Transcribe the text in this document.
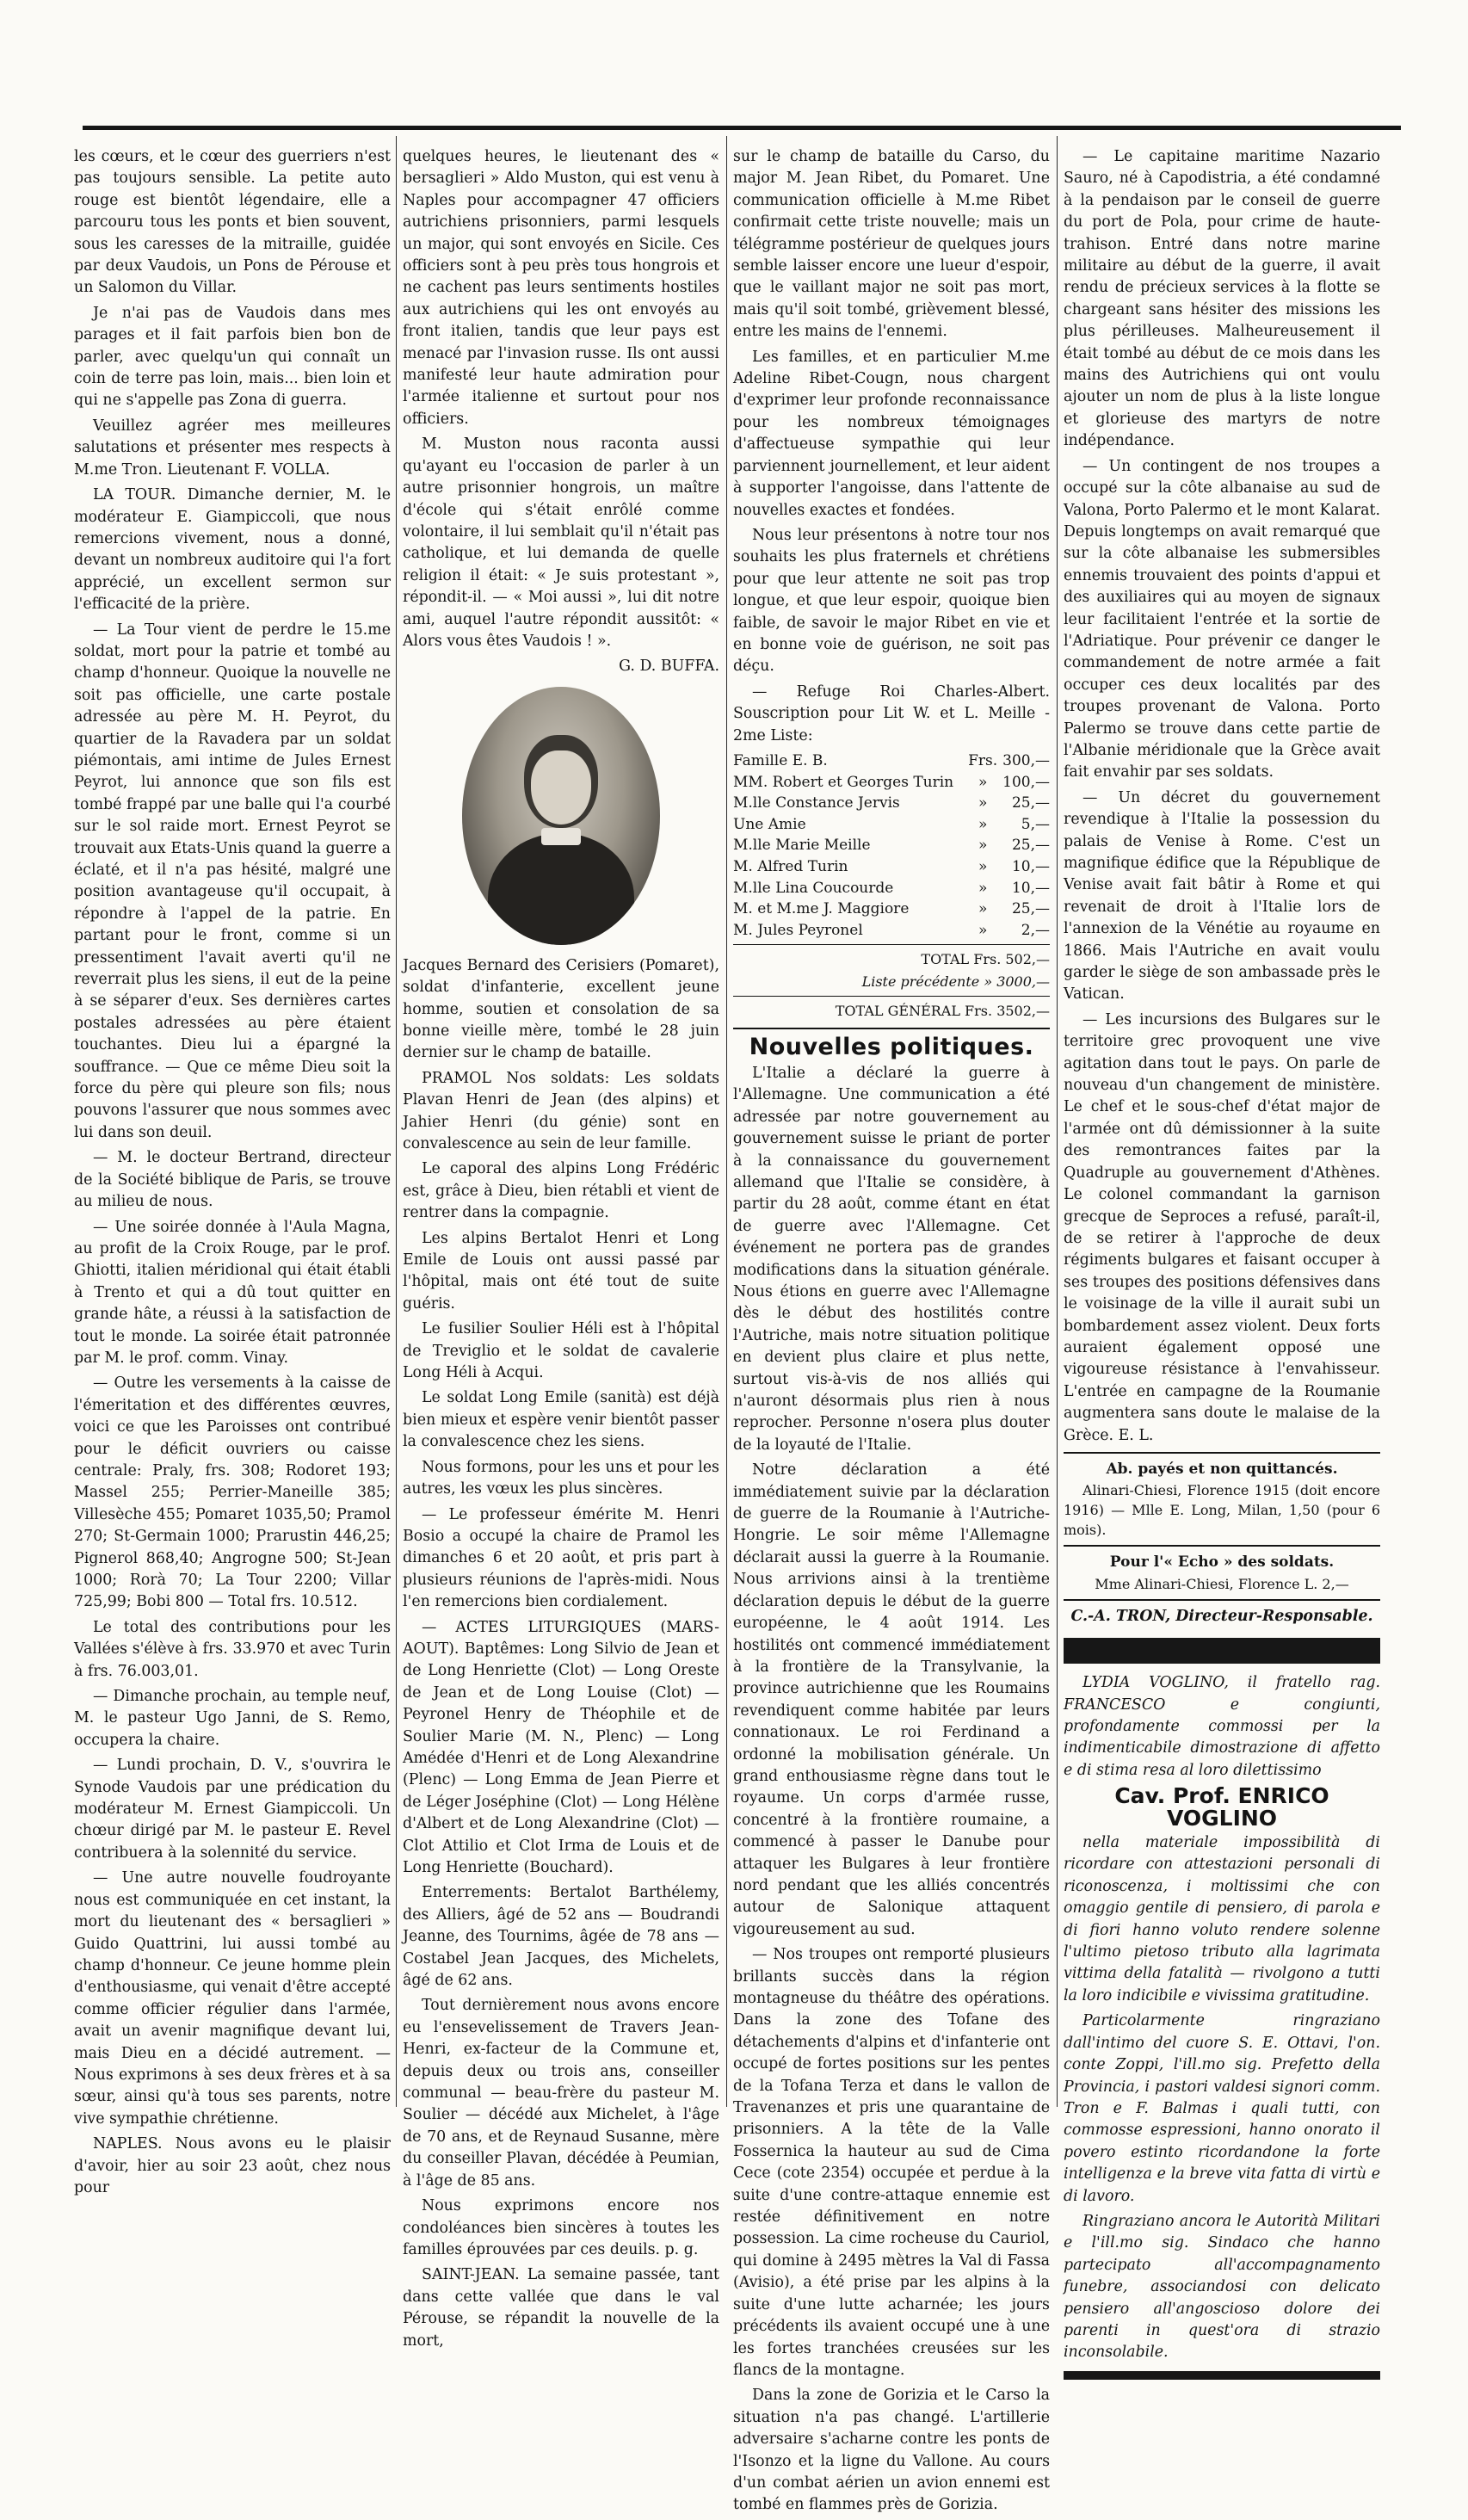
les cœurs, et le cœur des guerriers n'est pas toujours sensible. La petite auto rouge est bientôt légendaire, elle a parcouru tous les ponts et bien souvent, sous les caresses de la mitraille, guidée par deux Vaudois, un Pons de Pérouse et un Salomon du Villar.

Je n'ai pas de Vaudois dans mes parages et il fait parfois bien bon de parler, avec quelqu'un qui connaît un coin de terre pas loin, mais... bien loin et qui ne s'appelle pas Zona di guerra.

Veuillez agréer mes meilleures salutations et présenter mes respects à M.me Tron. Lieutenant F. VOLLA.

LA TOUR. Dimanche dernier, M. le modérateur E. Giampiccoli, que nous remercions vivement, nous a donné, devant un nombreux auditoire qui l'a fort apprécié, un excellent sermon sur l'efficacité de la prière.

— La Tour vient de perdre le 15.me soldat, mort pour la patrie et tombé au champ d'honneur. Quoique la nouvelle ne soit pas officielle, une carte postale adressée au père M. H. Peyrot, du quartier de la Ravadera par un soldat piémontais, ami intime de Jules Ernest Peyrot, lui annonce que son fils est tombé frappé par une balle qui l'a courbé sur le sol raide mort. Ernest Peyrot se trouvait aux Etats-Unis quand la guerre a éclaté, et il n'a pas hésité, malgré une position avantageuse qu'il occupait, à répondre à l'appel de la patrie. En partant pour le front, comme si un pressentiment l'avait averti qu'il ne reverrait plus les siens, il eut de la peine à se séparer d'eux. Ses dernières cartes postales adressées au père étaient touchantes. Dieu lui a épargné la souffrance. — Que ce même Dieu soit la force du père qui pleure son fils; nous pouvons l'assurer que nous sommes avec lui dans son deuil.

— M. le docteur Bertrand, directeur de la Société biblique de Paris, se trouve au milieu de nous.

— Une soirée donnée à l'Aula Magna, au profit de la Croix Rouge, par le prof. Ghiotti, italien méridional qui était établi à Trento et qui a dû tout quitter en grande hâte, a réussi à la satisfaction de tout le monde. La soirée était patronnée par M. le prof. comm. Vinay.

— Outre les versements à la caisse de l'émeritation et des différentes œuvres, voici ce que les Paroisses ont contribué pour le déficit ouvriers ou caisse centrale: Praly, frs. 308; Rodoret 193; Massel 255; Perrier-Maneille 385; Villesèche 455; Pomaret 1035,50; Pramol 270; St-Germain 1000; Prarustin 446,25; Pignerol 868,40; Angrogne 500; St-Jean 1000; Rorà 70; La Tour 2200; Villar 725,99; Bobi 800 — Total frs. 10.512.

Le total des contributions pour les Vallées s'élève à frs. 33.970 et avec Turin à frs. 76.003,01.

— Dimanche prochain, au temple neuf, M. le pasteur Ugo Janni, de S. Remo, occupera la chaire.

— Lundi prochain, D. V., s'ouvrira le Synode Vaudois par une prédication du modérateur M. Ernest Giampiccoli. Un chœur dirigé par M. le pasteur E. Revel contribuera à la solennité du service.

— Une autre nouvelle foudroyante nous est communiquée en cet instant, la mort du lieutenant des « bersaglieri » Guido Quattrini, lui aussi tombé au champ d'honneur. Ce jeune homme plein d'enthousiasme, qui venait d'être accepté comme officier régulier dans l'armée, avait un avenir magnifique devant lui, mais Dieu en a décidé autrement. — Nous exprimons à ses deux frères et à sa sœur, ainsi qu'à tous ses parents, notre vive sympathie chrétienne.

NAPLES. Nous avons eu le plaisir d'avoir, hier au soir 23 août, chez nous pour

quelques heures, le lieutenant des « bersaglieri » Aldo Muston, qui est venu à Naples pour accompagner 47 officiers autrichiens prisonniers, parmi lesquels un major, qui sont envoyés en Sicile. Ces officiers sont à peu près tous hongrois et ne cachent pas leurs sentiments hostiles aux autrichiens qui les ont envoyés au front italien, tandis que leur pays est menacé par l'invasion russe. Ils ont aussi manifesté leur haute admiration pour l'armée italienne et surtout pour nos officiers.

M. Muston nous raconta aussi qu'ayant eu l'occasion de parler à un autre prisonnier hongrois, un maître d'école qui s'était enrôlé comme volontaire, il lui semblait qu'il n'était pas catholique, et lui demanda de quelle religion il était: « Je suis protestant », répondit-il. — « Moi aussi », lui dit notre ami, auquel l'autre répondit aussitôt: « Alors vous êtes Vaudois ! ».

G. D. BUFFA.

Jacques Bernard des Cerisiers (Pomaret), soldat d'infanterie, excellent jeune homme, soutien et consolation de sa bonne vieille mère, tombé le 28 juin dernier sur le champ de bataille.

PRAMOL Nos soldats: Les soldats Plavan Henri de Jean (des alpins) et Jahier Henri (du génie) sont en convalescence au sein de leur famille.

Le caporal des alpins Long Frédéric est, grâce à Dieu, bien rétabli et vient de rentrer dans la compagnie.

Les alpins Bertalot Henri et Long Emile de Louis ont aussi passé par l'hôpital, mais ont été tout de suite guéris.

Le fusilier Soulier Héli est à l'hôpital de Treviglio et le soldat de cavalerie Long Héli à Acqui.

Le soldat Long Emile (sanità) est déjà bien mieux et espère venir bientôt passer la convalescence chez les siens.

Nous formons, pour les uns et pour les autres, les vœux les plus sincères.

— Le professeur émérite M. Henri Bosio a occupé la chaire de Pramol les dimanches 6 et 20 août, et pris part à plusieurs réunions de l'après-midi. Nous l'en remercions bien cordialement.

— ACTES LITURGIQUES (MARS-AOUT). Baptêmes: Long Silvio de Jean et de Long Henriette (Clot) — Long Oreste de Jean et de Long Louise (Clot) — Peyronel Henry de Théophile et de Soulier Marie (M. N., Plenc) — Long Amédée d'Henri et de Long Alexandrine (Plenc) — Long Emma de Jean Pierre et de Léger Joséphine (Clot) — Long Hélène d'Albert et de Long Alexandrine (Clot) — Clot Attilio et Clot Irma de Louis et de Long Henriette (Bouchard).

Enterrements: Bertalot Barthélemy, des Alliers, âgé de 52 ans — Boudrandi Jeanne, des Tournims, âgée de 78 ans — Costabel Jean Jacques, des Michelets, âgé de 62 ans.

Tout dernièrement nous avons encore eu l'ensevelissement de Travers Jean-Henri, ex-facteur de la Commune et, depuis deux ou trois ans, conseiller communal — beau-frère du pasteur M. Soulier — décédé aux Michelet, à l'âge de 70 ans, et de Reynaud Susanne, mère du conseiller Plavan, décédée à Peumian, à l'âge de 85 ans.

Nous exprimons encore nos condoléances bien sincères à toutes les familles éprouvées par ces deuils. p. g.

SAINT-JEAN. La semaine passée, tant dans cette vallée que dans le val Pérouse, se répandit la nouvelle de la mort,

sur le champ de bataille du Carso, du major M. Jean Ribet, du Pomaret. Une communication officielle à M.me Ribet confirmait cette triste nouvelle; mais un télégramme postérieur de quelques jours semble laisser encore une lueur d'espoir, que le vaillant major ne soit pas mort, mais qu'il soit tombé, grièvement blessé, entre les mains de l'ennemi.

Les familles, et en particulier M.me Adeline Ribet-Cougn, nous chargent d'exprimer leur profonde reconnaissance pour les nombreux témoignages d'affectueuse sympathie qui leur parviennent journellement, et leur aident à supporter l'angoisse, dans l'attente de nouvelles exactes et fondées.

Nous leur présentons à notre tour nos souhaits les plus fraternels et chrétiens pour que leur attente ne soit pas trop longue, et que leur espoir, quoique bien faible, de savoir le major Ribet en vie et en bonne voie de guérison, ne soit pas déçu.

— Refuge Roi Charles-Albert. Souscription pour Lit W. et L. Meille - 2me Liste:

Famille E. B.	Frs.	300,—
MM. Robert et Georges Turin	»	100,—
M.lle Constance Jervis	»	25,—
Une Amie	»	5,—
M.lle Marie Meille	»	25,—
M. Alfred Turin	»	10,—
M.lle Lina Coucourde	»	10,—
M. et M.me J. Maggiore	»	25,—
M. Jules Peyronel	»	2,—
TOTAL Frs. 502,—
Liste précédente » 3000,—
TOTAL GÉNÉRAL Frs. 3502,—
Nouvelles politiques.

L'Italie a déclaré la guerre à l'Allemagne. Une communication a été adressée par notre gouvernement au gouvernement suisse le priant de porter à la connaissance du gouvernement allemand que l'Italie se considère, à partir du 28 août, comme étant en état de guerre avec l'Allemagne. Cet événement ne portera pas de grandes modifications dans la situation générale. Nous étions en guerre avec l'Allemagne dès le début des hostilités contre l'Autriche, mais notre situation politique en devient plus claire et plus nette, surtout vis-à-vis de nos alliés qui n'auront désormais plus rien à nous reprocher. Personne n'osera plus douter de la loyauté de l'Italie.

Notre déclaration a été immédiatement suivie par la déclaration de guerre de la Roumanie à l'Autriche-Hongrie. Le soir même l'Allemagne déclarait aussi la guerre à la Roumanie. Nous arrivions ainsi à la trentième déclaration depuis le début de la guerre européenne, le 4 août 1914. Les hostilités ont commencé immédiatement à la frontière de la Transylvanie, la province autrichienne que les Roumains revendiquent comme habitée par leurs connationaux. Le roi Ferdinand a ordonné la mobilisation générale. Un grand enthousiasme règne dans tout le royaume. Un corps d'armée russe, concentré à la frontière roumaine, a commencé à passer le Danube pour attaquer les Bulgares à leur frontière nord pendant que les alliés concentrés autour de Salonique attaquent vigoureusement au sud.

— Nos troupes ont remporté plusieurs brillants succès dans la région montagneuse du théâtre des opérations. Dans la zone des Tofane des détachements d'alpins et d'infanterie ont occupé de fortes positions sur les pentes de la Tofana Terza et dans le vallon de Travenanzes et pris une quarantaine de prisonniers. A la tête de la Valle Fossernica la hauteur au sud de Cima Cece (cote 2354) occupée et perdue à la suite d'une contre-attaque ennemie est restée définitivement en notre possession. La cime rocheuse du Cauriol, qui domine à 2495 mètres la Val di Fassa (Avisio), a été prise par les alpins à la suite d'une lutte acharnée; les jours précédents ils avaient occupé une à une les fortes tranchées creusées sur les flancs de la montagne.

Dans la zone de Gorizia et le Carso la situation n'a pas changé. L'artillerie adversaire s'acharne contre les ponts de l'Isonzo et la ligne du Vallone. Au cours d'un combat aérien un avion ennemi est tombé en flammes près de Gorizia.

— Le capitaine maritime Nazario Sauro, né à Capodistria, a été condamné à la pendaison par le conseil de guerre du port de Pola, pour crime de haute-trahison. Entré dans notre marine militaire au début de la guerre, il avait rendu de précieux services à la flotte se chargeant sans hésiter des missions les plus périlleuses. Malheureusement il était tombé au début de ce mois dans les mains des Autrichiens qui ont voulu ajouter un nom de plus à la liste longue et glorieuse des martyrs de notre indépendance.

— Un contingent de nos troupes a occupé sur la côte albanaise au sud de Valona, Porto Palermo et le mont Kalarat. Depuis longtemps on avait remarqué que sur la côte albanaise les submersibles ennemis trouvaient des points d'appui et des auxiliaires qui au moyen de signaux leur facilitaient l'entrée et la sortie de l'Adriatique. Pour prévenir ce danger le commandement de notre armée a fait occuper ces deux localités par des troupes provenant de Valona. Porto Palermo se trouve dans cette partie de l'Albanie méridionale que la Grèce avait fait envahir par ses soldats.

— Un décret du gouvernement revendique à l'Italie la possession du palais de Venise à Rome. C'est un magnifique édifice que la République de Venise avait fait bâtir à Rome et qui revenait de droit à l'Italie lors de l'annexion de la Vénétie au royaume en 1866. Mais l'Autriche en avait voulu garder le siège de son ambassade près le Vatican.

— Les incursions des Bulgares sur le territoire grec provoquent une vive agitation dans tout le pays. On parle de nouveau d'un changement de ministère. Le chef et le sous-chef d'état major de l'armée ont dû démissionner à la suite des remontrances faites par la Quadruple au gouvernement d'Athènes. Le colonel commandant la garnison grecque de Seproces a refusé, paraît-il, de se retirer à l'approche de deux régiments bulgares et faisant occuper à ses troupes des positions défensives dans le voisinage de la ville il aurait subi un bombardement assez violent. Deux forts auraient également opposé une vigoureuse résistance à l'envahisseur. L'entrée en campagne de la Roumanie augmentera sans doute le malaise de la Grèce. E. L.

Ab. payés et non quittancés.

Alinari-Chiesi, Florence 1915 (doit encore 1916) — Mlle E. Long, Milan, 1,50 (pour 6 mois).

Pour l'« Echo » des soldats.
Mme Alinari-Chiesi, Florence L. 2,—
C.-A. TRON, Directeur-Responsable.

LYDIA VOGLINO, il fratello rag. FRANCESCO e congiunti, profondamente commossi per la indimenticabile dimostrazione di affetto e di stima resa al loro dilettissimo

Cav. Prof. ENRICO VOGLINO

nella materiale impossibilità di ricordare con attestazioni personali di riconoscenza, i moltissimi che con omaggio gentile di pensiero, di parola e di fiori hanno voluto rendere solenne l'ultimo pietoso tributo alla lagrimata vittima della fatalità — rivolgono a tutti la loro indicibile e vivissima gratitudine.

Particolarmente ringraziano dall'intimo del cuore S. E. Ottavi, l'on. conte Zoppi, l'ill.mo sig. Prefetto della Provincia, i pastori valdesi signori comm. Tron e F. Balmas i quali tutti, con commosse espressioni, hanno onorato il povero estinto ricordandone la forte intelligenza e la breve vita fatta di virtù e di lavoro.

Ringraziano ancora le Autorità Militari e l'ill.mo sig. Sindaco che hanno partecipato all'accompagnamento funebre, associandosi con delicato pensiero all'angoscioso dolore dei parenti in quest'ora di strazio inconsolabile.
